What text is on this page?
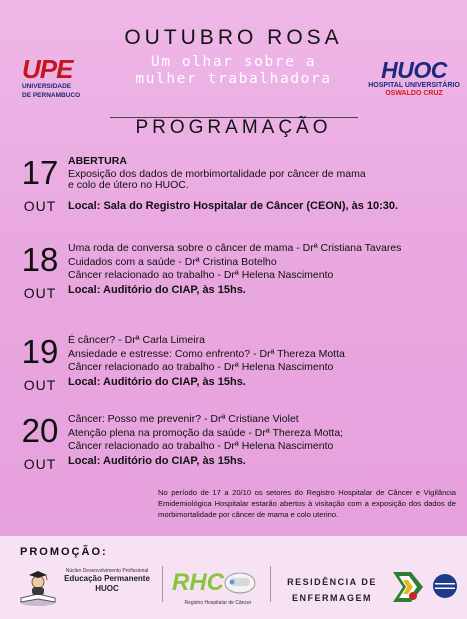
OUTUBRO ROSA
Um olhar sobre a
mulher trabalhadora
UPE
UNIVERSIDADE
DE PERNAMBUCO
HUOC
HOSPITAL UNIVERSITÁRIO
OSWALDO CRUZ
PROGRAMAÇÃO
17
OUT
ABERTURA
Exposição dos dados de morbimortalidade por câncer de mama e colo de útero no HUOC.
Local: Sala do Registro Hospitalar de Câncer (CEON), às 10:30.
18
OUT
Uma roda de conversa sobre o câncer de mama - Drª Cristiana Tavares
Cuidados com a saúde - Drª Cristina Botelho
Câncer relacionado ao trabalho - Drª Helena Nascimento
Local: Auditório do CIAP, às 15hs.
19
OUT
É câncer? - Drª Carla Limeira
Ansiedade e estresse: Como enfrento? - Drª Thereza Motta
Câncer relacionado ao trabalho - Drª Helena Nascimento
Local: Auditório do CIAP, às 15hs.
20
OUT
Câncer: Posso me prevenir? - Drª Cristiane Violet
Atenção plena na promoção da saúde - Drª Thereza Motta;
Câncer relacionado ao trabalho - Drª Helena Nascimento
Local: Auditório do CIAP, às 15hs.
No período de 17 a 20/10 os setores do Registro Hospitalar de Câncer e Vigilância Emidemiológica Hospitalar estarão abertos à visitação com a exposição dos dados de morbimortalidade por câncer de mama e colo uterino.
PROMOÇÃO:
Núcleo Desenvolvimento Profissional
Educação Permanente
HUOC	RHC
Registro Hospitalar de Câncer
RESIDÊNCIA DE
ENFERMAGEM
